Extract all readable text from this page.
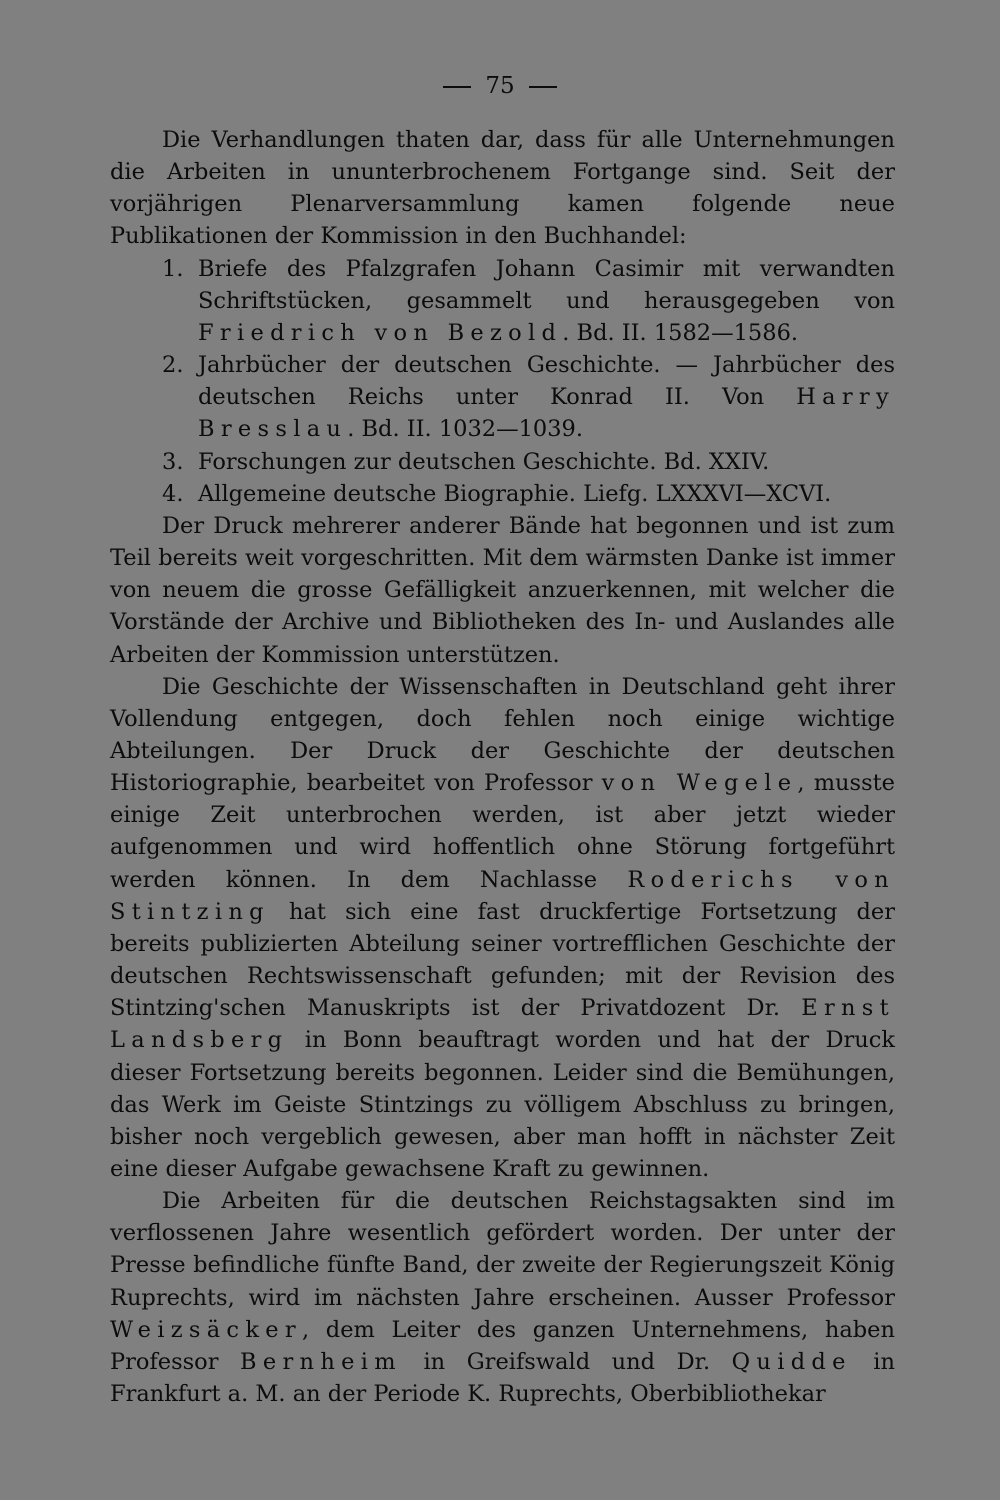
75

Die Verhandlungen thaten dar, dass für alle Unternehmungen die Arbeiten in ununterbrochenem Fortgange sind. Seit der vorjährigen Plenarversammlung kamen folgende neue Publikationen der Kommission in den Buchhandel:

1. Briefe des Pfalzgrafen Johann Casimir mit verwandten Schriftstücken, gesammelt und herausgegeben von Friedrich von Bezold. Bd. II. 1582—1586.
2. Jahrbücher der deutschen Geschichte. — Jahrbücher des deutschen Reichs unter Konrad II. Von Harry Bresslau. Bd. II. 1032—1039.
3. Forschungen zur deutschen Geschichte. Bd. XXIV.
4. Allgemeine deutsche Biographie. Liefg. LXXXVI—XCVI.

Der Druck mehrerer anderer Bände hat begonnen und ist zum Teil bereits weit vorgeschritten. Mit dem wärmsten Danke ist immer von neuem die grosse Gefälligkeit anzuerkennen, mit welcher die Vorstände der Archive und Bibliotheken des In- und Auslandes alle Arbeiten der Kommission unterstützen.

Die Geschichte der Wissenschaften in Deutschland geht ihrer Vollendung entgegen, doch fehlen noch einige wichtige Abteilungen. Der Druck der Geschichte der deutschen Historiographie, bearbeitet von Professor von Wegele, musste einige Zeit unterbrochen werden, ist aber jetzt wieder aufgenommen und wird hoffentlich ohne Störung fortgeführt werden können. In dem Nachlasse Roderichs von Stintzing hat sich eine fast druckfertige Fortsetzung der bereits publizierten Abteilung seiner vortrefflichen Geschichte der deutschen Rechtswissenschaft gefunden; mit der Revision des Stintzing'schen Manuskripts ist der Privatdozent Dr. Ernst Landsberg in Bonn beauftragt worden und hat der Druck dieser Fortsetzung bereits begonnen. Leider sind die Bemühungen, das Werk im Geiste Stintzings zu völligem Abschluss zu bringen, bisher noch vergeblich gewesen, aber man hofft in nächster Zeit eine dieser Aufgabe gewachsene Kraft zu gewinnen.

Die Arbeiten für die deutschen Reichstagsakten sind im verflossenen Jahre wesentlich gefördert worden. Der unter der Presse befindliche fünfte Band, der zweite der Regierungszeit König Ruprechts, wird im nächsten Jahre erscheinen. Ausser Professor Weizsäcker, dem Leiter des ganzen Unternehmens, haben Professor Bernheim in Greifswald und Dr. Quidde in Frankfurt a. M. an der Periode K. Ruprechts, Oberbibliothekar
